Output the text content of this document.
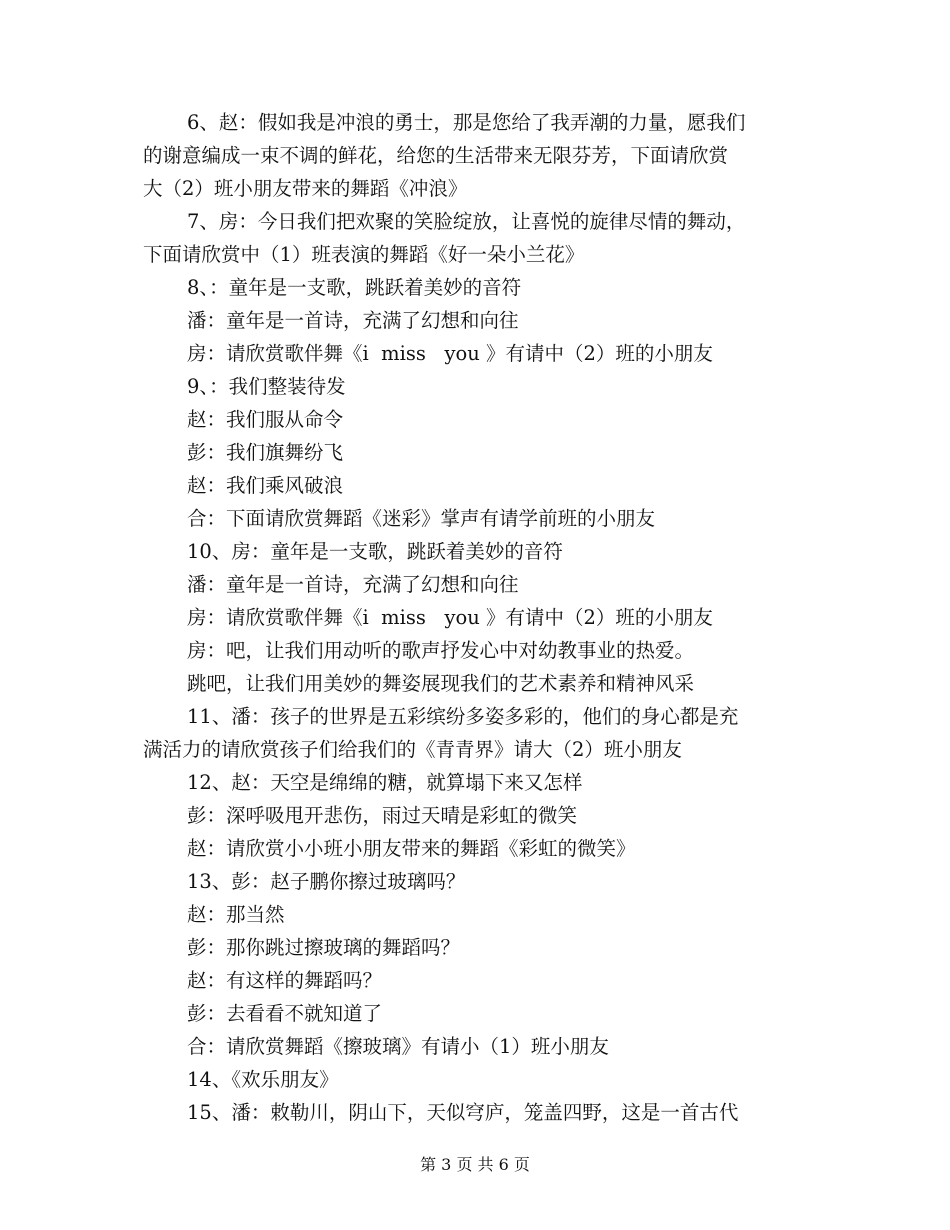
6、赵：假如我是冲浪的勇士，那是您给了我弄潮的力量，愿我们
的谢意编成一束不调的鲜花，给您的生活带来无限芬芳，下面请欣赏
大（2）班小朋友带来的舞蹈《冲浪》
7、房：今日我们把欢聚的笑脸绽放，让喜悦的旋律尽情的舞动，
下面请欣赏中（1）班表演的舞蹈《好一朵小兰花》
8、：童年是一支歌，跳跃着美妙的音符
潘：童年是一首诗，充满了幻想和向往
房：请欣赏歌伴舞《i  miss   you 》有请中（2）班的小朋友
9、：我们整装待发
赵：我们服从命令
彭：我们旗舞纷飞
赵：我们乘风破浪
合：下面请欣赏舞蹈《迷彩》掌声有请学前班的小朋友
10、房：童年是一支歌，跳跃着美妙的音符
潘：童年是一首诗，充满了幻想和向往
房：请欣赏歌伴舞《i  miss   you 》有请中（2）班的小朋友
房：吧，让我们用动听的歌声抒发心中对幼教事业的热爱。
跳吧，让我们用美妙的舞姿展现我们的艺术素养和精神风采
11、潘：孩子的世界是五彩缤纷多姿多彩的，他们的身心都是充
满活力的请欣赏孩子们给我们的《青青界》请大（2）班小朋友
12、赵：天空是绵绵的糖，就算塌下来又怎样
彭：深呼吸甩开悲伤，雨过天晴是彩虹的微笑
赵：请欣赏小小班小朋友带来的舞蹈《彩虹的微笑》
13、彭：赵子鹏你擦过玻璃吗？
赵：那当然
彭：那你跳过擦玻璃的舞蹈吗？
赵：有这样的舞蹈吗？
彭：去看看不就知道了
合：请欣赏舞蹈《擦玻璃》有请小（1）班小朋友
14、《欢乐朋友》
15、潘：敕勒川，阴山下，天似穹庐，笼盖四野，这是一首古代
第 3 页 共 6 页
